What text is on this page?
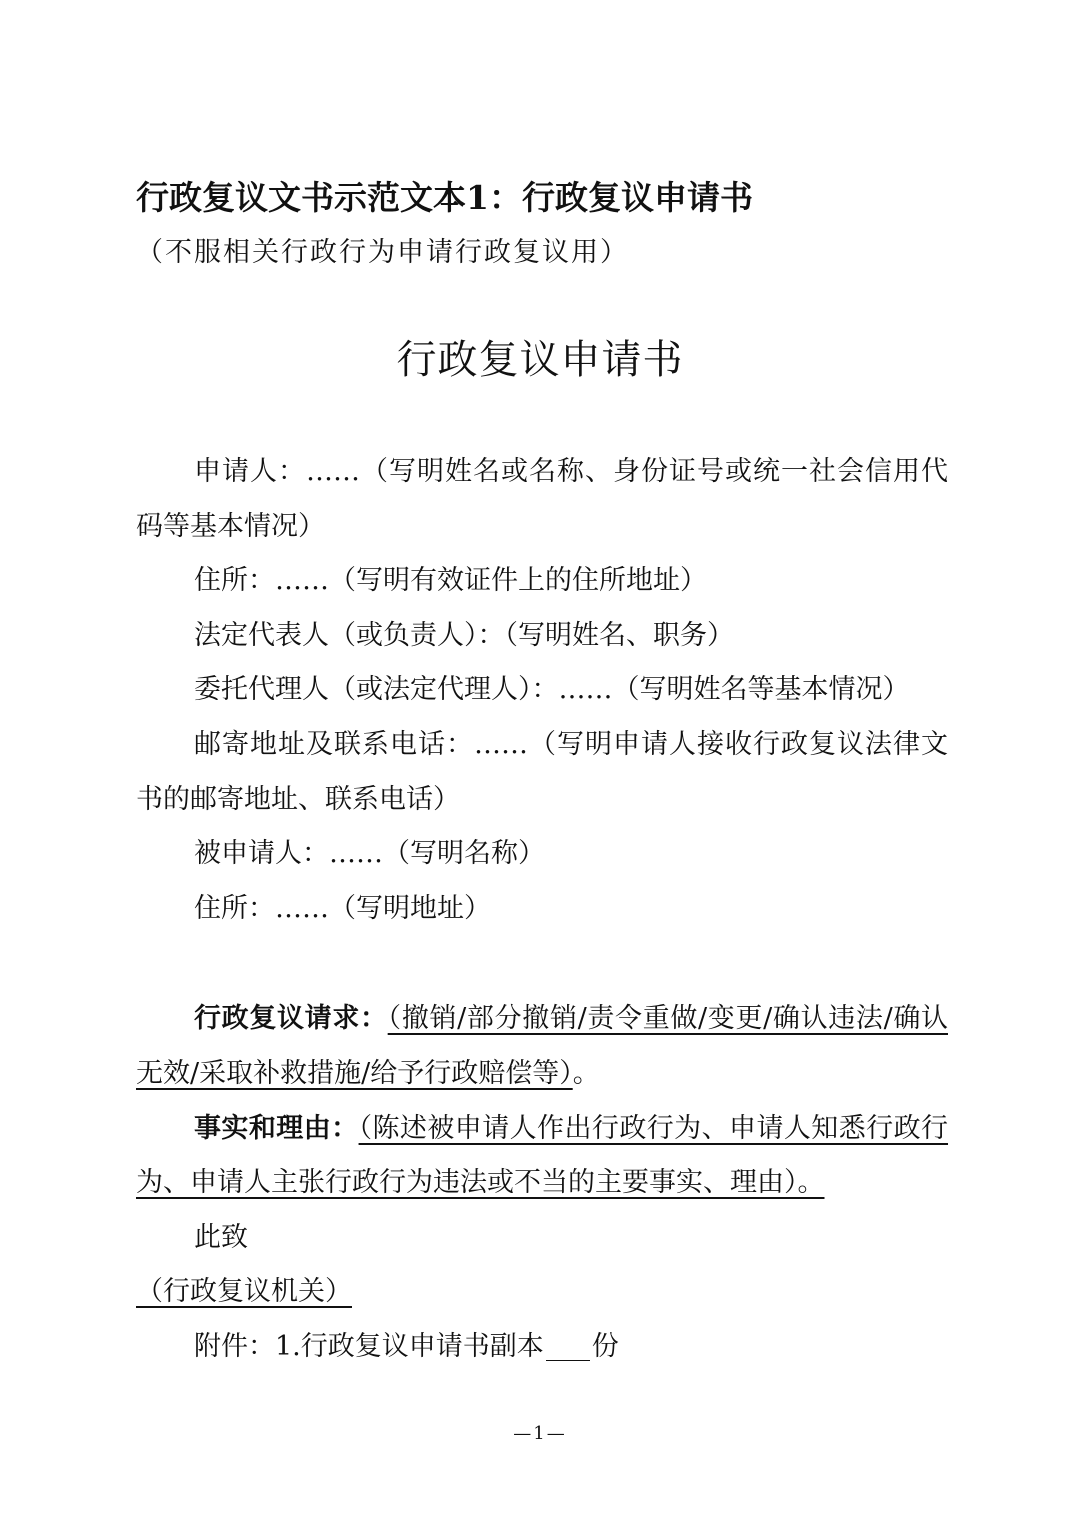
行政复议文书示范文本1：行政复议申请书
（不服相关行政行为申请行政复议用）
行政复议申请书

申请人：……（写明姓名或名称、身份证号或统一社会信用代码等基本情况）

住所：……（写明有效证件上的住所地址）

法定代表人（或负责人）：（写明姓名、职务）

委托代理人（或法定代理人）：……（写明姓名等基本情况）

邮寄地址及联系电话：……（写明申请人接收行政复议法律文书的邮寄地址、联系电话）

被申请人：……（写明名称）

住所：……（写明地址）

行政复议请求：（撤销/部分撤销/责令重做/变更/确认违法/确认无效/采取补救措施/给予行政赔偿等）。

事实和理由：（陈述被申请人作出行政行为、申请人知悉行政行为、申请人主张行政行为违法或不当的主要事实、理由）。

此致

（行政复议机关）

附件：1.行政复议申请书副本 份

—1—
